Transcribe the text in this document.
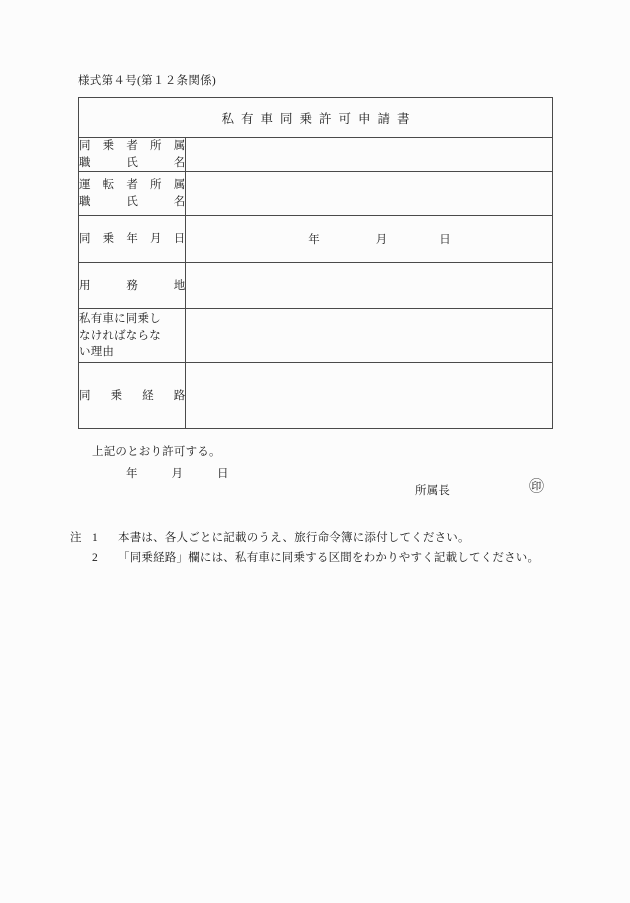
様式第４号(第１２条関係)
私有車同乗許可申請書	

同 乗 者 所 属
職	氏	名

運 転 者 所 属
職	氏	名

同 乗 年 月 日	年 月 日

用 務 地	

私有車に同乗し
なければならな
い理由	

同 乗 経 路	

上記のとおり許可する。
年	月	日
所属長	㊞
注 1 本書は、各人ごとに記載のうえ、旅行命令簿に添付してください。
2 「同乗経路」欄には、私有車に同乗する区間をわかりやすく記載してください。
